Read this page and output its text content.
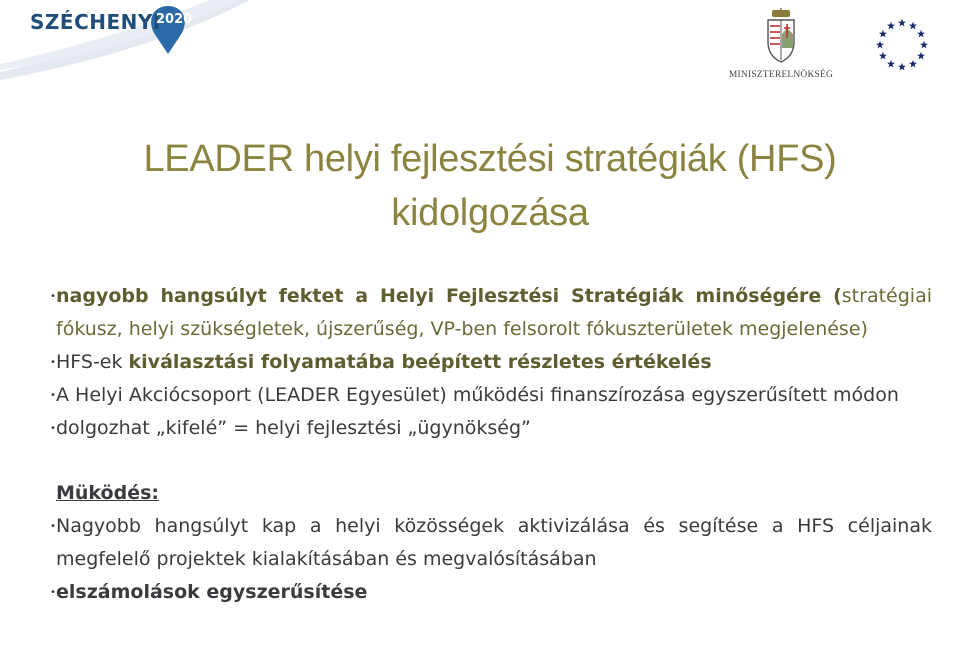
SZÉCHENYI
2020
MINISZTERELNÖKSÉG
LEADER helyi fejlesztési stratégiák (HFS)
kidolgozása
• nagyobb hangsúlyt fektet a Helyi Fejlesztési Stratégiák minőségére (stratégiai fókusz, helyi szükségletek, újszerűség, VP-ben felsorolt fókuszterületek megjelenése)
• HFS-ek kiválasztási folyamatába beépített részletes értékelés
• A Helyi Akciócsoport (LEADER Egyesület) működési finanszírozása egyszerűsített módon
• dolgozhat „kifelé” = helyi fejlesztési „ügynökség”
Müködés:
• Nagyobb hangsúlyt kap a helyi közösségek aktivizálása és segítése a HFS céljainak megfelelő projektek kialakításában és megvalósításában
• elszámolások egyszerűsítése
